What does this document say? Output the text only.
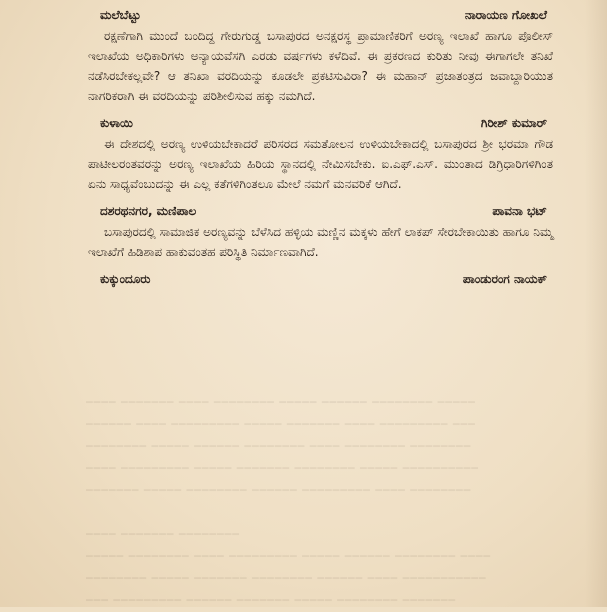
ಮಲೆಬೆಟ್ಟು	ನಾರಾಯಣ ಗೋಖಲೆ

ರಕ್ಷಣೆಗಾಗಿ ಮುಂದೆ ಬಂದಿದ್ದ ಗೇರುಗುಡ್ಡ ಬಸಾಪುರದ ಅನಕ್ಷರಸ್ಥ ಪ್ರಾಮಾಣಿಕರಿಗೆ ಅರಣ್ಯ ಇಲಾಖೆ ಹಾಗೂ ಪೊಲೀಸ್ ಇಲಾಖೆಯ ಅಧಿಕಾರಿಗಳು ಅನ್ಯಾಯವೆಸಗಿ ಎರಡು ವರ್ಷಗಳು ಕಳೆದಿವೆ. ಈ ಪ್ರಕರಣದ ಕುರಿತು ನೀವು ಈಗಾಗಲೇ ತನಿಖೆ ನಡೆಸಿರಬೇಕಲ್ಲವೇ? ಆ ತನಿಖಾ ವರದಿಯನ್ನು ಕೂಡಲೇ ಪ್ರಕಟಿಸುವಿರಾ? ಈ ಮಹಾನ್ ಪ್ರಜಾತಂತ್ರದ ಜವಾಬ್ದಾರಿಯುತ ನಾಗರಿಕರಾಗಿ ಈ ವರದಿಯನ್ನು ಪರಿಶೀಲಿಸುವ ಹಕ್ಕು ನಮಗಿದೆ.

ಕುಳಾಯಿ	ಗಿರೀಶ್ ಕುಮಾರ್

ಈ ದೇಶದಲ್ಲಿ ಅರಣ್ಯ ಉಳಿಯಬೇಕಾದರೆ ಪರಿಸರದ ಸಮತೋಲನ ಉಳಿಯಬೇಕಾದಲ್ಲಿ ಬಸಾಪುರದ ಶ್ರೀ ಭರಮಾ ಗೌಡ ಪಾಟೀಲರಂತವರನ್ನು ಅರಣ್ಯ ಇಲಾಖೆಯ ಹಿರಿಯ ಸ್ಥಾನದಲ್ಲಿ ನೇಮಿಸಬೇಕು. ಐ.ಎಫ್.ಎಸ್. ಮುಂತಾದ ಡಿಗ್ರಿಧಾರಿಗಳಿಗಿಂತ ಏನು ಸಾಧ್ಯವೆಂಬುದನ್ನು ಈ ಎಲ್ಲ ಕತೆಗಳಿಗಿಂತಲೂ ಮೇಲೆ ನಮಗೆ ಮನವರಿಕೆ ಆಗಿದೆ.

ದಶರಥನಗರ, ಮಣಿಪಾಲ	ಪಾವನಾ ಭಟ್

ಬಸಾಪುರದಲ್ಲಿ ಸಾಮಾಜಿಕ ಅರಣ್ಯವನ್ನು ಬೆಳೆಸಿದ ಹಳ್ಳಿಯ ಮಣ್ಣಿನ ಮಕ್ಕಳು ಹೇಗೆ ಲಾಕಪ್ ಸೇರಬೇಕಾಯಿತು ಹಾಗೂ ನಿಮ್ಮ ಇಲಾಖೆಗೆ ಹಿಡಿಶಾಪ ಹಾಕುವಂತಹ ಪರಿಸ್ಥಿತಿ ನಿರ್ಮಾಣವಾಗಿದೆ.

ಕುಕ್ಕುಂದೂರು	ಪಾಂಡುರಂಗ ನಾಯಕ್
━━━━ ━━━━━━━ ━━━━ ━━━━━━━━ ━━━━━ ━━━━━━ ━━━━━━━━ ━━━━━
━━━━━━ ━━━━ ━━━━━━━━━ ━━━━━ ━━━━━━━ ━━━━ ━━━━━━━━━ ━━━
━━━━━━━━ ━━━━━ ━━━━━━ ━━━━━━━━ ━━━━ ━━━━━━━━ ━━━━━━━━
━━━━ ━━━━━━━━━ ━━━━━ ━━━━━━━ ━━━━━━━━ ━━━━━ ━━━━━━━━━━
━━━━━━━ ━━━━━ ━━━━━━━━ ━━━━━━ ━━━━━━━━━ ━━━━ ━━━━━━━━

━━━━ ━━━━━━━ ━━━━━━━━
━━━━━ ━━━━━━━━ ━━━━ ━━━━━━━━━ ━━━━━ ━━━━━━ ━━━━━━━━ ━━━━
━━━━━━━━ ━━━━━ ━━━━━━━ ━━━━━━━━ ━━━━━━ ━━━━ ━━━━━━━━━━━
━━━ ━━━━━━━━━ ━━━━━━ ━━━━━━━ ━━━━━ ━━━━━━━━ ━━━━━━━
